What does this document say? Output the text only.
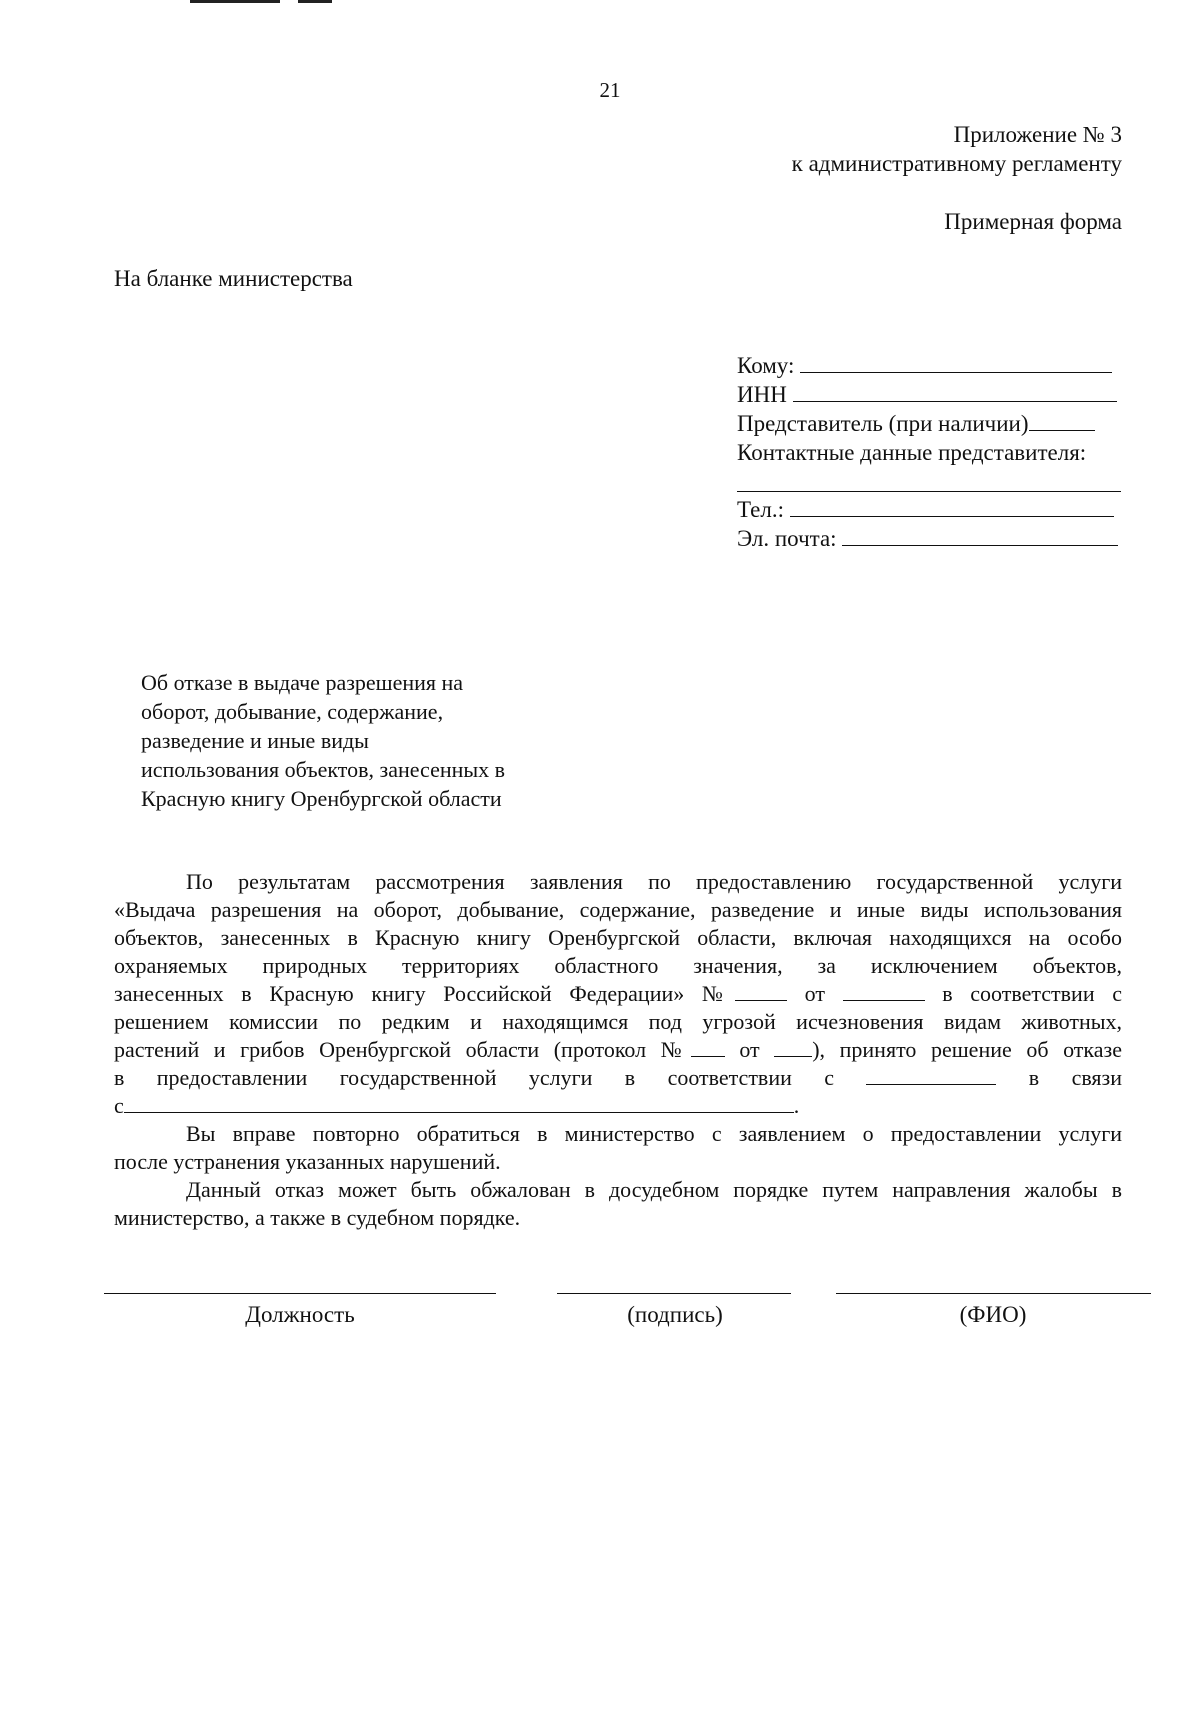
21
Приложение № 3
к административному регламенту
Примерная форма
На бланке министерства
Кому:
ИНН
Представитель (при наличии)
Контактные данные представителя:
Тел.:
Эл. почта:
Об отказе в выдаче разрешения на
оборот, добывание, содержание,
разведение и иные виды
использования объектов, занесенных в
Красную книгу Оренбургской области
По результатам рассмотрения заявления по предоставлению государственной услуги
«Выдача разрешения на оборот, добывание, содержание, разведение и иные виды использования
объектов, занесенных в Красную книгу Оренбургской области, включая находящихся на особо
охраняемых природных территориях областного значения, за исключением объектов,
занесенных в Красную книгу Российской Федерации» №	от	в соответствии с
решением комиссии по редким и находящимся под угрозой исчезновения видам животных,
растений и грибов Оренбургской области (протокол № от ), принято решение об отказе
в предоставлении государственной услуги в соответствии с	в связи
с	.
Вы вправе повторно обратиться в министерство с заявлением о предоставлении услуги
после устранения указанных нарушений.
Данный отказ может быть обжалован в досудебном порядке путем направления жалобы в
министерство, а также в судебном порядке.
Должность	(подпись)	(ФИО)
